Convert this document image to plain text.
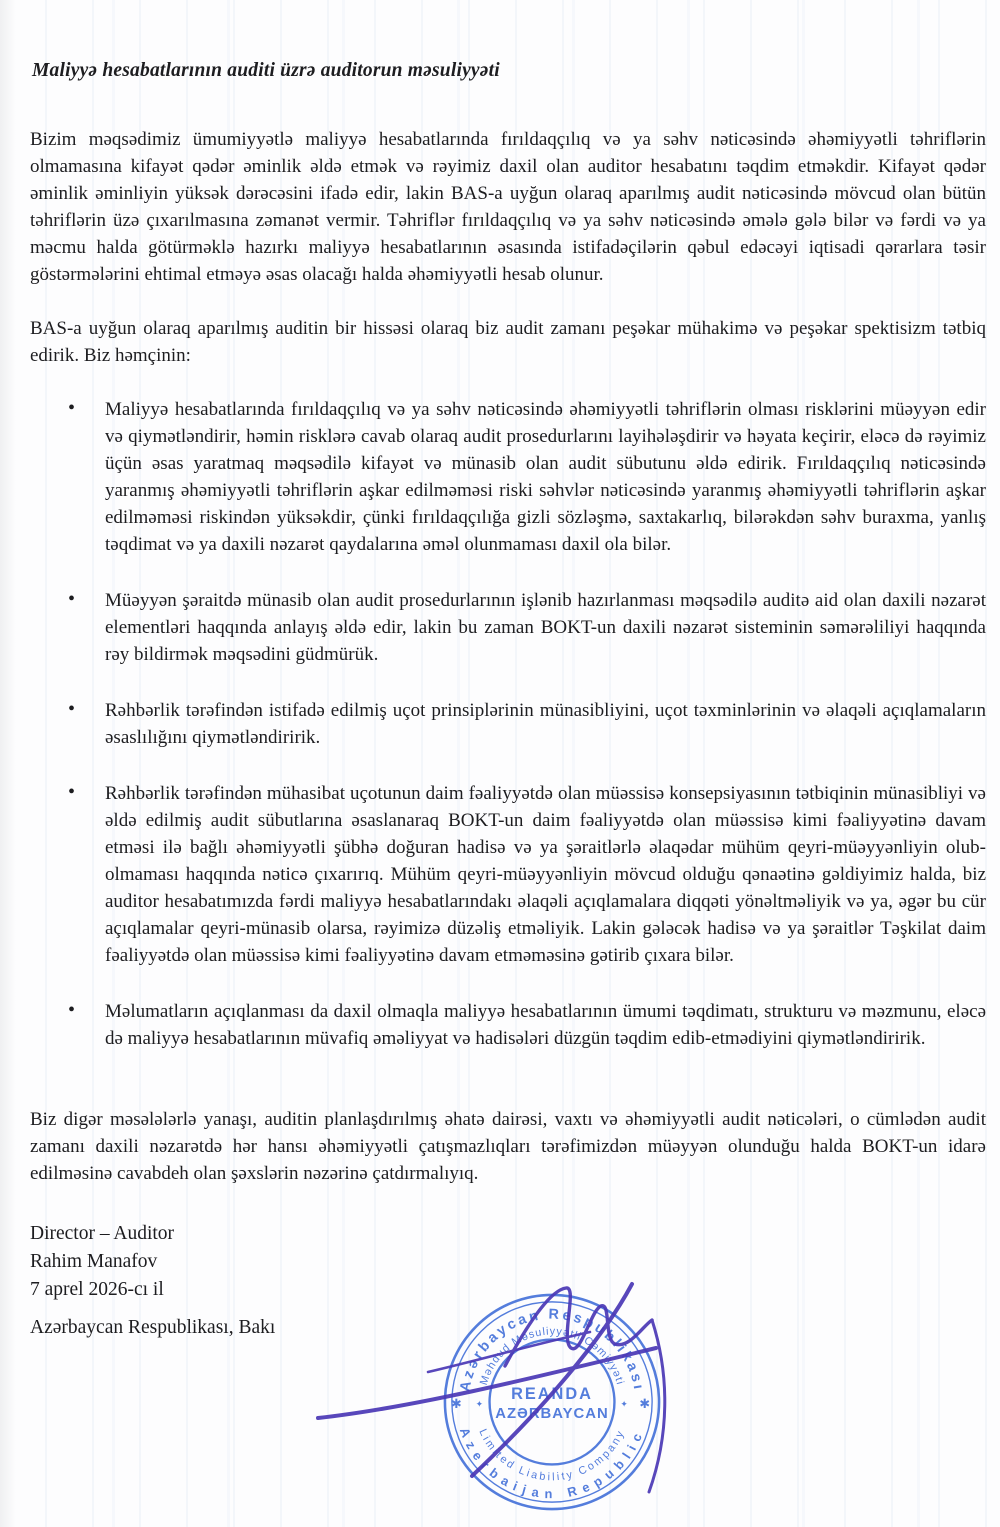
Maliyyə hesabatlarının auditi üzrə auditorun məsuliyyəti

Bizim məqsədimiz ümumiyyətlə maliyyə hesabatlarında fırıldaqçılıq və ya səhv nəticəsində əhəmiyyətli təhriflərin olmamasına kifayət qədər əminlik əldə etmək və rəyimiz daxil olan auditor hesabatını təqdim etməkdir. Kifayət qədər əminlik əminliyin yüksək dərəcəsini ifadə edir, lakin BAS-a uyğun olaraq aparılmış audit nəticəsində mövcud olan bütün təhriflərin üzə çıxarılmasına zəmanət vermir. Təhriflər fırıldaqçılıq və ya səhv nəticəsində əmələ gələ bilər və fərdi və ya məcmu halda götürməklə hazırkı maliyyə hesabatlarının əsasında istifadəçilərin qəbul edəcəyi iqtisadi qərarlara təsir göstərmələrini ehtimal etməyə əsas olacağı halda əhəmiyyətli hesab olunur.

BAS-a uyğun olaraq aparılmış auditin bir hissəsi olaraq biz audit zamanı peşəkar mühakimə və peşəkar spektisizm tətbiq edirik. Biz həmçinin:

• Maliyyə hesabatlarında fırıldaqçılıq və ya səhv nəticəsində əhəmiyyətli təhriflərin olması risklərini müəyyən edir və qiymətləndirir, həmin risklərə cavab olaraq audit prosedurlarını layihələşdirir və həyata keçirir, eləcə də rəyimiz üçün əsas yaratmaq məqsədilə kifayət və münasib olan audit sübutunu əldə edirik. Fırıldaqçılıq nəticəsində yaranmış əhəmiyyətli təhriflərin aşkar edilməməsi riski səhvlər nəticəsində yaranmış əhəmiyyətli təhriflərin aşkar edilməməsi riskindən yüksəkdir, çünki fırıldaqçılığa gizli sözləşmə, saxtakarlıq, bilərəkdən səhv buraxma, yanlış təqdimat və ya daxili nəzarət qaydalarına əməl olunmaması daxil ola bilər.
• Müəyyən şəraitdə münasib olan audit prosedurlarının işlənib hazırlanması məqsədilə auditə aid olan daxili nəzarət elementləri haqqında anlayış əldə edir, lakin bu zaman BOKT-un daxili nəzarət sisteminin səmərəliliyi haqqında rəy bildirmək məqsədini güdmürük.
• Rəhbərlik tərəfindən istifadə edilmiş uçot prinsiplərinin münasibliyini, uçot təxminlərinin və əlaqəli açıqlamaların əsaslılığını qiymətləndiririk.
• Rəhbərlik tərəfindən mühasibat uçotunun daim fəaliyyətdə olan müəssisə konsepsiyasının tətbiqinin münasibliyi və əldə edilmiş audit sübutlarına əsaslanaraq BOKT-un daim fəaliyyətdə olan müəssisə kimi fəaliyyətinə davam etməsi ilə bağlı əhəmiyyətli şübhə doğuran hadisə və ya şəraitlərlə əlaqədar mühüm qeyri-müəyyənliyin olub-olmaması haqqında nəticə çıxarırıq. Mühüm qeyri-müəyyənliyin mövcud olduğu qənaətinə gəldiyimiz halda, biz auditor hesabatımızda fərdi maliyyə hesabatlarındakı əlaqəli açıqlamalara diqqəti yönəltməliyik və ya, əgər bu cür açıqlamalar qeyri-münasib olarsa, rəyimizə düzəliş etməliyik. Lakin gələcək hadisə və ya şəraitlər Təşkilat daim fəaliyyətdə olan müəssisə kimi fəaliyyətinə davam etməməsinə gətirib çıxara bilər.
• Məlumatların açıqlanması da daxil olmaqla maliyyə hesabatlarının ümumi təqdimatı, strukturu və məzmunu, eləcə də maliyyə hesabatlarının müvafiq əməliyyat və hadisələri düzgün təqdim edib-etmədiyini qiymətləndiririk.

Biz digər məsələlərlə yanaşı, auditin planlaşdırılmış əhatə dairəsi, vaxtı və əhəmiyyətli audit nəticələri, o cümlədən audit zamanı daxili nəzarətdə hər hansı əhəmiyyətli çatışmazlıqları tərəfimizdən müəyyən olunduğu halda BOKT-un idarə edilməsinə cavabdeh olan şəxslərin nəzərinə çatdırmalıyıq.

Director – Auditor

Rahim Manafov

7 aprel 2026-cı il

Azərbaycan Respublikası, Bakı

Azərbaycan Respublikası
Azerbaijan Republic
Məhdud Məsuliyyətli Cəmiyyəti
Limited Liability Company
REANDA
AZƏRBAYCAN
✱	✱
✦	✦
